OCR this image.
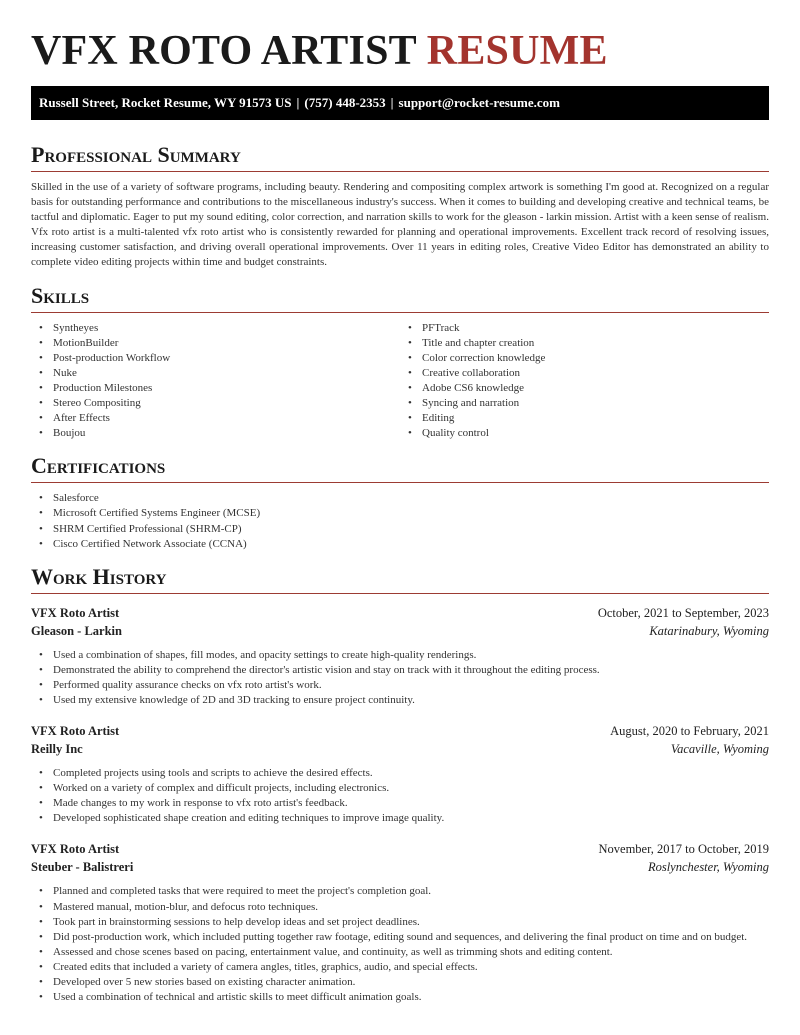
VFX ROTO ARTIST RESUME
Russell Street, Rocket Resume, WY 91573 US | (757) 448-2353 | support@rocket-resume.com
Professional Summary

Skilled in the use of a variety of software programs, including beauty. Rendering and compositing complex artwork is something I'm good at. Recognized on a regular basis for outstanding performance and contributions to the miscellaneous industry's success. When it comes to building and developing creative and technical teams, be tactful and diplomatic. Eager to put my sound editing, color correction, and narration skills to work for the gleason - larkin mission. Artist with a keen sense of realism. Vfx roto artist is a multi-talented vfx roto artist who is consistently rewarded for planning and operational improvements. Excellent track record of resolving issues, increasing customer satisfaction, and driving overall operational improvements. Over 11 years in editing roles, Creative Video Editor has demonstrated an ability to complete video editing projects within time and budget constraints.

Skills
• Syntheyes
• MotionBuilder
• Post-production Workflow
• Nuke
• Production Milestones
• Stereo Compositing
• After Effects
• Boujou
• PFTrack
• Title and chapter creation
• Color correction knowledge
• Creative collaboration
• Adobe CS6 knowledge
• Syncing and narration
• Editing
• Quality control
Certifications
• Salesforce
• Microsoft Certified Systems Engineer (MCSE)
• SHRM Certified Professional (SHRM-CP)
• Cisco Certified Network Associate (CCNA)
Work History
VFX Roto Artist	October, 2021 to September, 2023
Gleason - Larkin	Katarinabury, Wyoming
• Used a combination of shapes, fill modes, and opacity settings to create high-quality renderings.
• Demonstrated the ability to comprehend the director's artistic vision and stay on track with it throughout the editing process.
• Performed quality assurance checks on vfx roto artist's work.
• Used my extensive knowledge of 2D and 3D tracking to ensure project continuity.
VFX Roto Artist	August, 2020 to February, 2021
Reilly Inc	Vacaville, Wyoming
• Completed projects using tools and scripts to achieve the desired effects.
• Worked on a variety of complex and difficult projects, including electronics.
• Made changes to my work in response to vfx roto artist's feedback.
• Developed sophisticated shape creation and editing techniques to improve image quality.
VFX Roto Artist	November, 2017 to October, 2019
Steuber - Balistreri	Roslynchester, Wyoming
• Planned and completed tasks that were required to meet the project's completion goal.
• Mastered manual, motion-blur, and defocus roto techniques.
• Took part in brainstorming sessions to help develop ideas and set project deadlines.
• Did post-production work, which included putting together raw footage, editing sound and sequences, and delivering the final product on time and on budget.
• Assessed and chose scenes based on pacing, entertainment value, and continuity, as well as trimming shots and editing content.
• Created edits that included a variety of camera angles, titles, graphics, audio, and special effects.
• Developed over 5 new stories based on existing character animation.
• Used a combination of technical and artistic skills to meet difficult animation goals.
